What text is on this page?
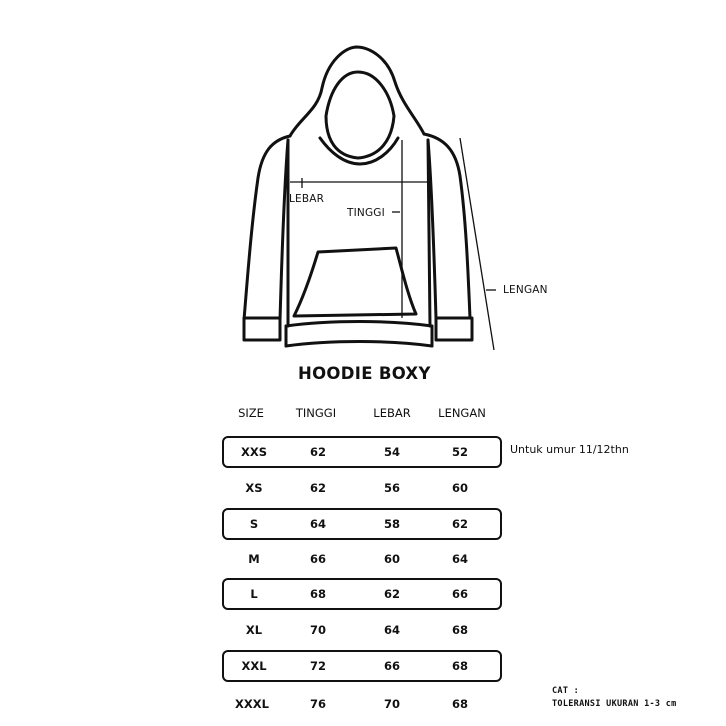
LEBAR
TINGGI
LENGAN
HOODIE BOXY
SIZE	TINGGI	LEBAR	LENGAN
XXS	62	54	52
XS	62	56	60
S	64	58	62
M	66	60	64
L	68	62	66
XL	70	64	68
XXL	72	66	68
XXXL	76	70	68
Untuk umur 11/12thn
CAT :
TOLERANSI UKURAN 1-3 cm
